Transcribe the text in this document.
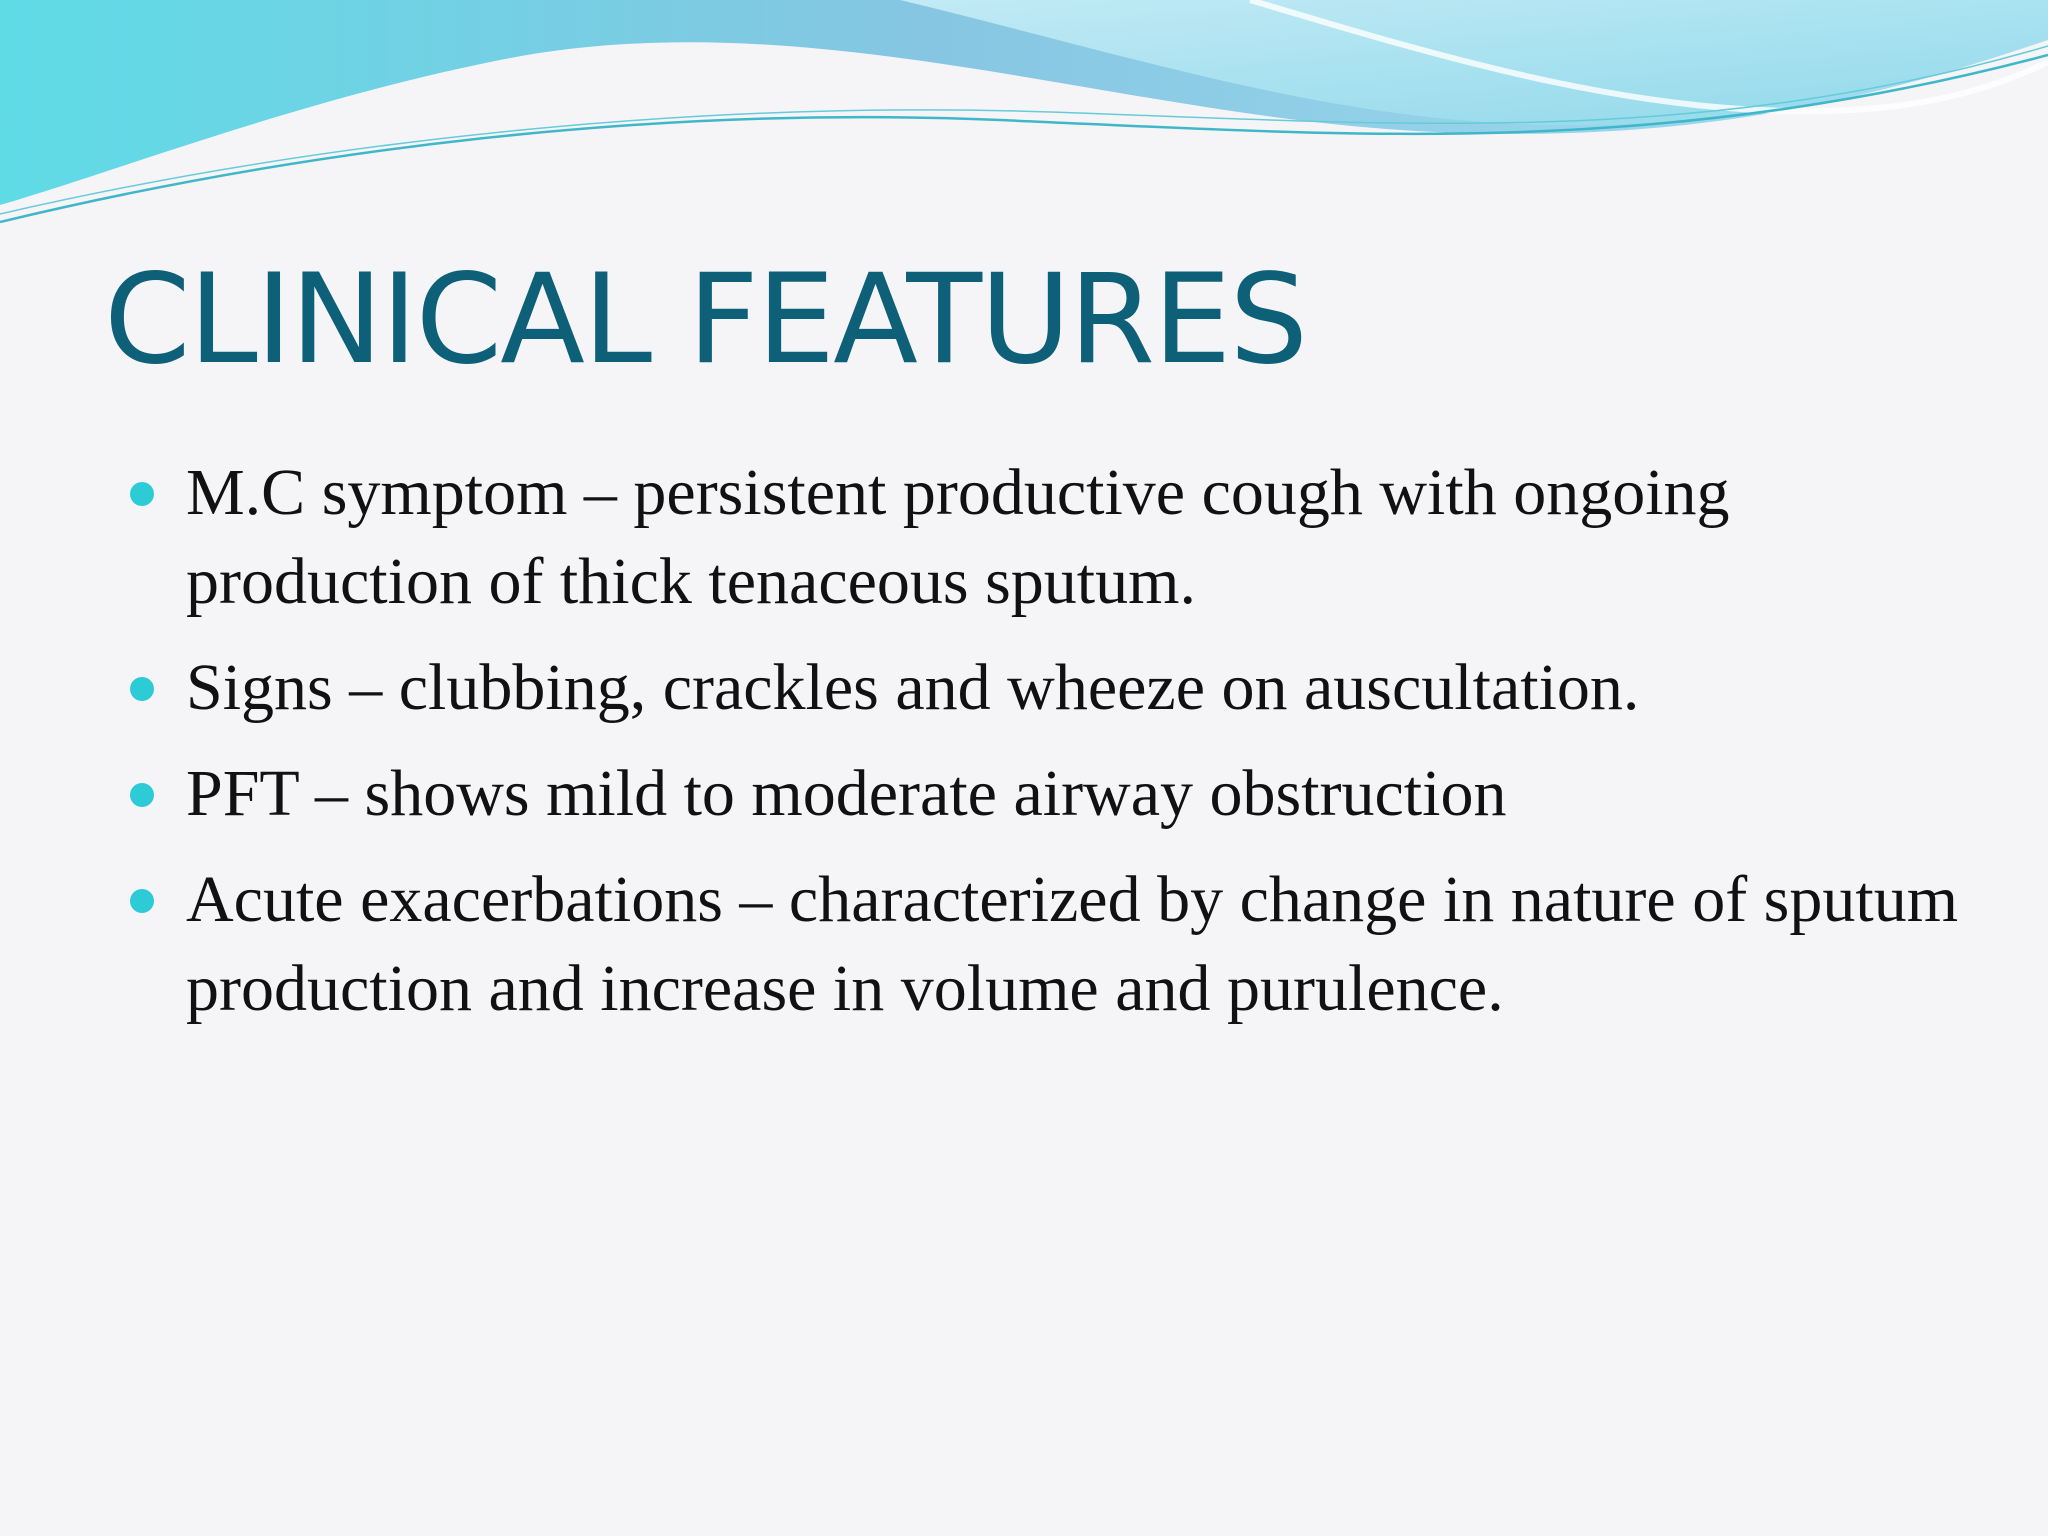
CLINICAL FEATURES
M.C symptom – persistent productive cough with ongoing production of thick tenaceous sputum.
Signs – clubbing, crackles and wheeze on auscultation.
PFT – shows mild to moderate airway obstruction
Acute exacerbations – characterized by change in nature of sputum production and increase in volume and purulence.
